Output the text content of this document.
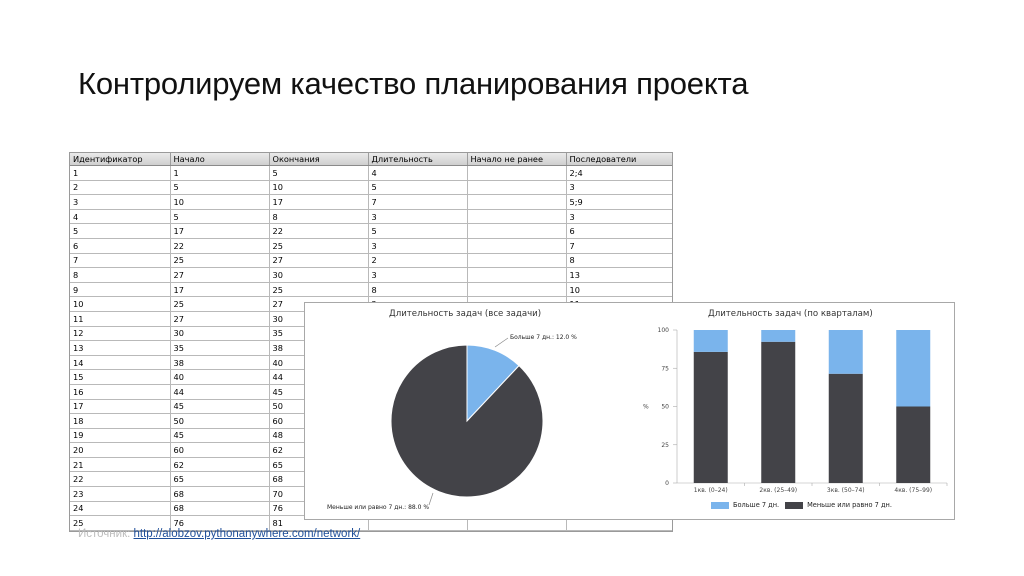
Контролируем качество планирования проекта
Идентификатор	Начало	Окончания	Длительность	Начало не ранее	Последователи
1	1	5	4		2;4
2	5	10	5		3
3	10	17	7		5;9
4	5	8	3		3
5	17	22	5		6
6	22	25	3		7
7	25	27	2		8
8	27	30	3		13
9	17	25	8		10
10	25	27			
11	27	30			
12	30	35			
13	35	38			
14	38	40			
15	40	44			
16	44	45			
17	45	50			
18	50	60			
19	45	48			
20	60	62			
21	62	65			
22	65	68			
23	68	70			
24	68	76			
25	76	81			
Длительность задач (все задачи)	Длительность задач (по кварталам)
Больше 7 дн.: 12.0 %
Меньше или равно 7 дн.: 88.0 %
0
25
50
75
100
%
1кв. (0–24)	2кв. (25–49)	3кв. (50–74)	4кв. (75–99)
Больше 7 дн.	Меньше или равно 7 дн.
Источник: http://alobzov.pythonanywhere.com/network/
